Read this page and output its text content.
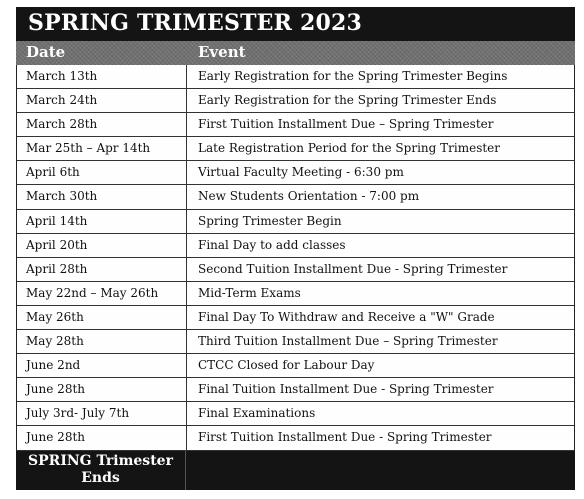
SPRING TRIMESTER 2023
Date	Event
March 13th	Early Registration for the Spring Trimester Begins
March 24th	Early Registration for the Spring Trimester Ends
March 28th	First Tuition Installment Due – Spring Trimester
Mar 25th – Apr 14th	Late Registration Period for the Spring Trimester
April 6th	Virtual Faculty Meeting - 6:30 pm
March 30th	New Students Orientation - 7:00 pm
April 14th	Spring Trimester Begin
April 20th	Final Day to add classes
April 28th	Second Tuition Installment Due - Spring Trimester
May 22nd – May 26th	Mid-Term Exams
May 26th	Final Day To Withdraw and Receive a "W" Grade
May 28th	Third Tuition Installment Due – Spring Trimester
June 2nd	CTCC Closed for Labour Day
June 28th	Final Tuition Installment Due - Spring Trimester
July 3rd- July 7th	Final Examinations
June 28th	First Tuition Installment Due - Spring Trimester
SPRING Trimester
Ends
